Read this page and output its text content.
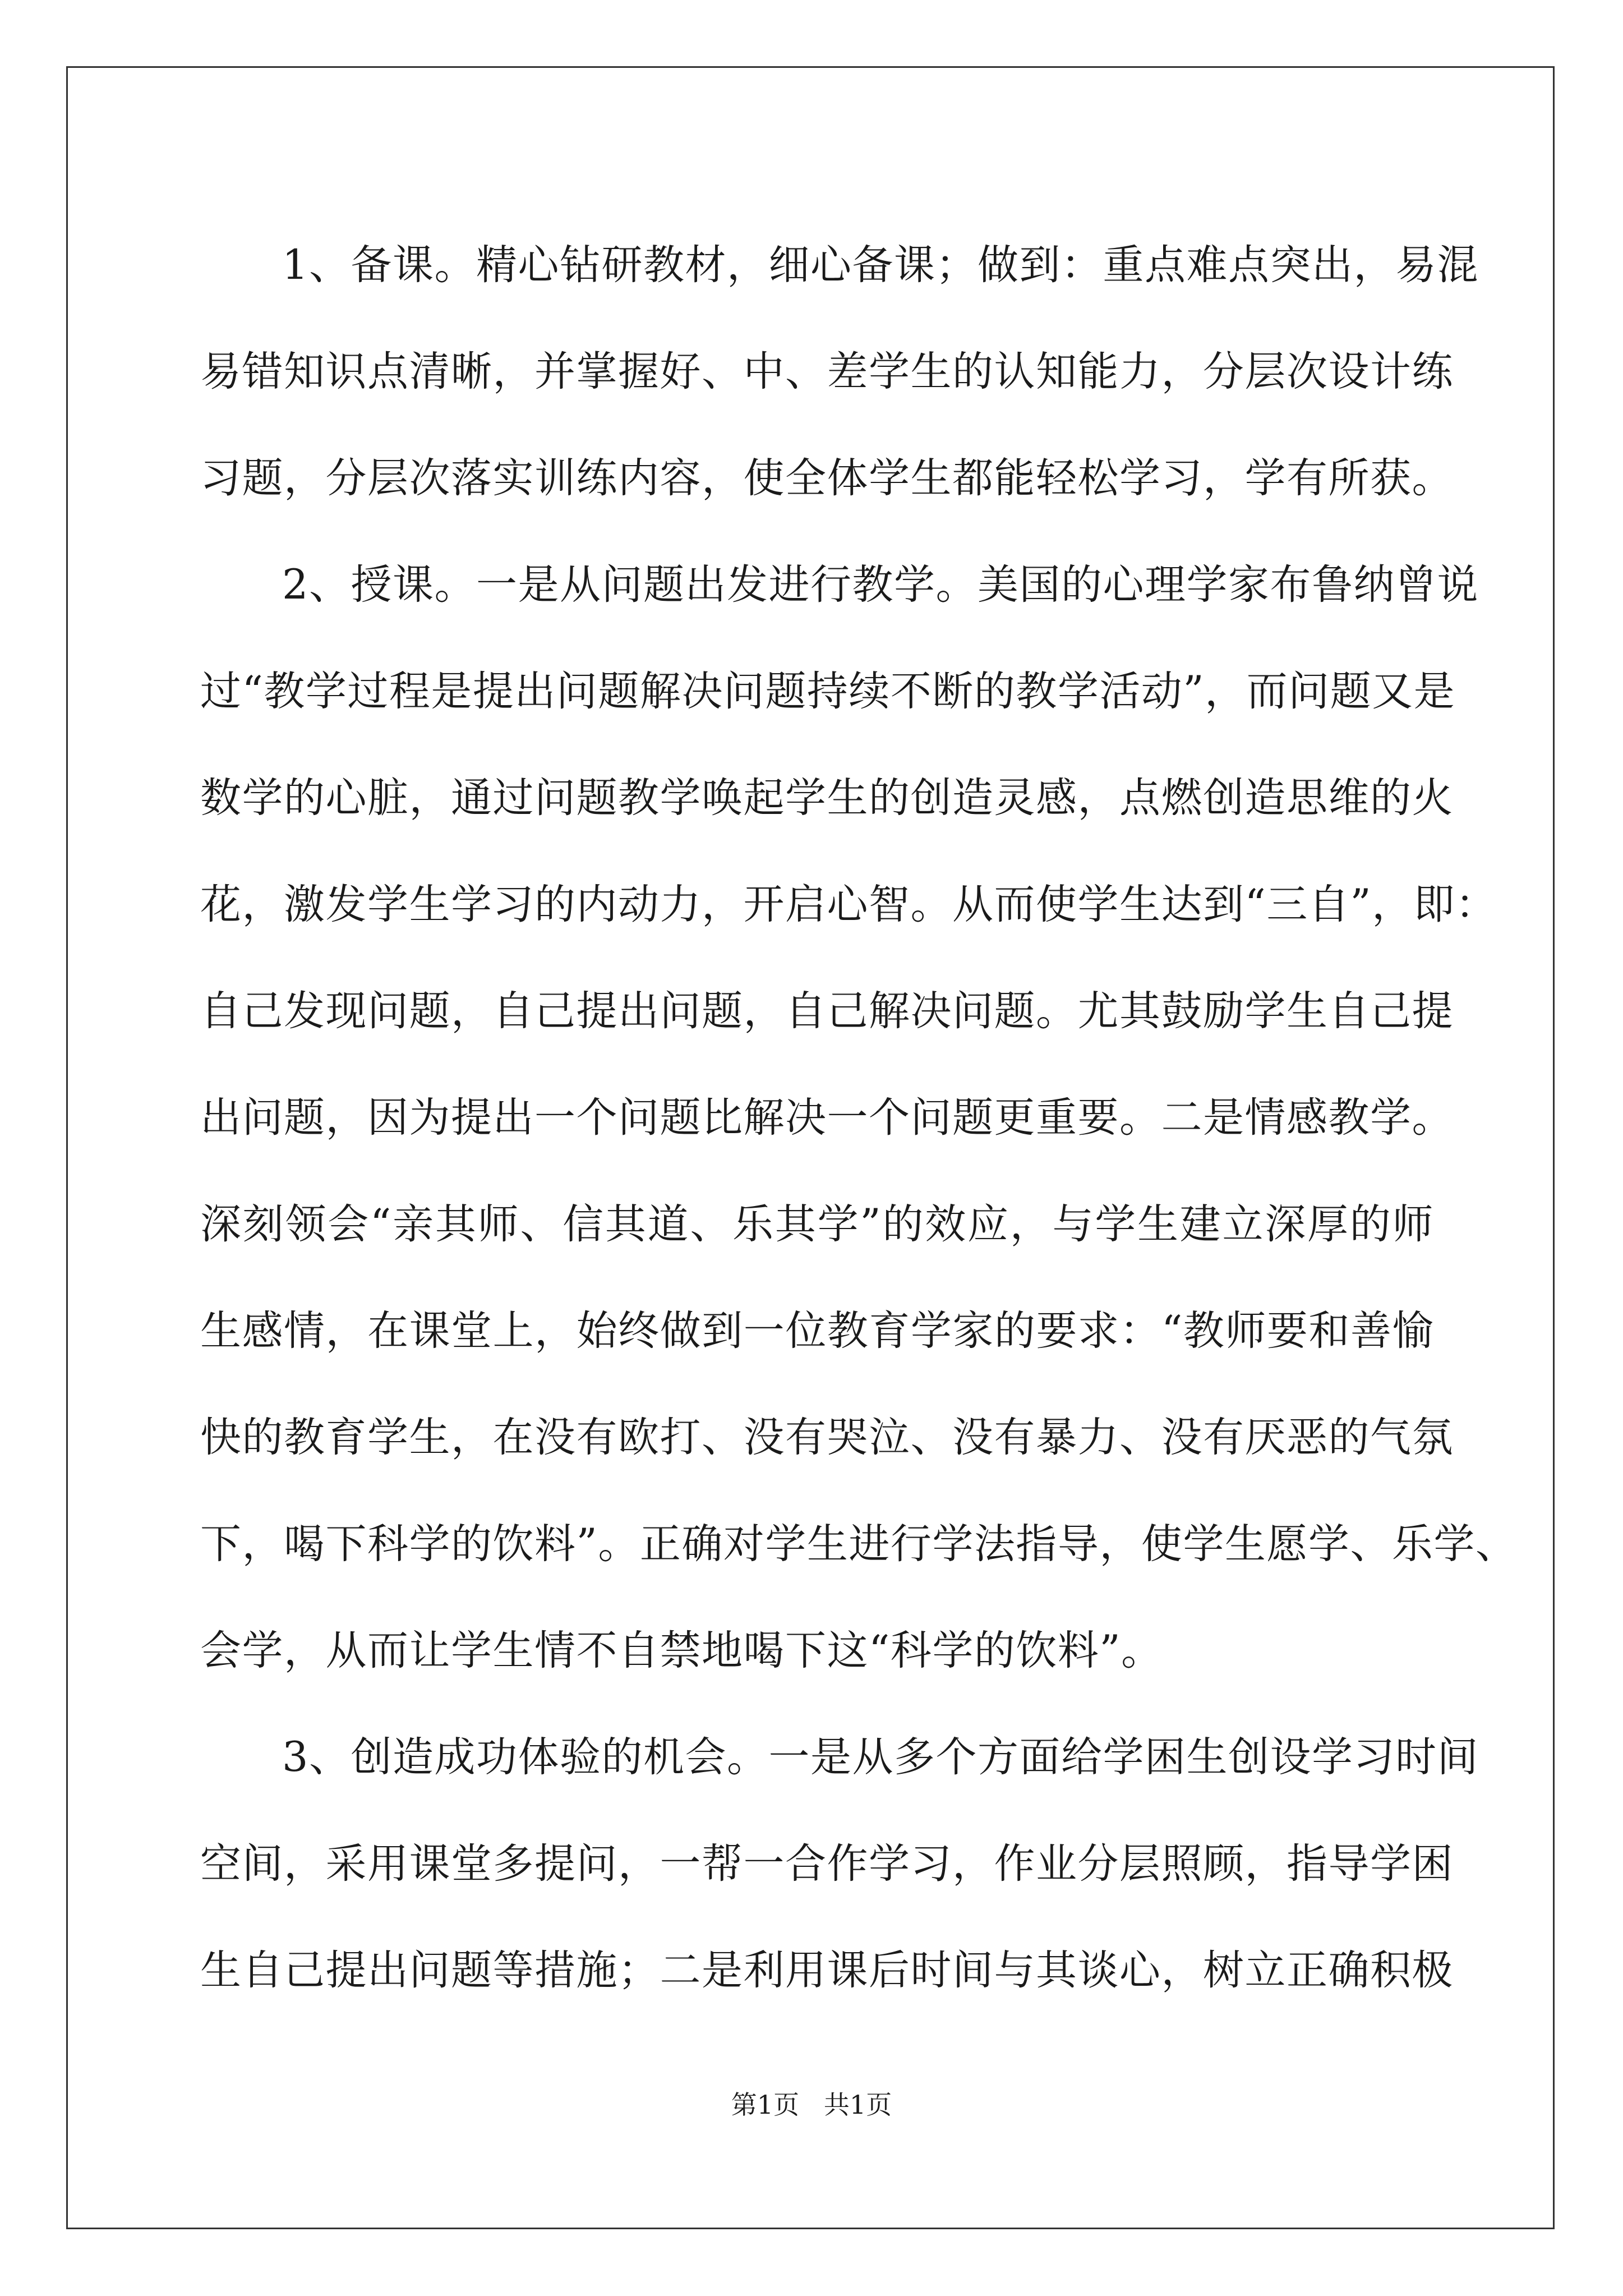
1、备课。精心钻研教材，细心备课；做到：重点难点突出，易混

易错知识点清晰，并掌握好、中、差学生的认知能力，分层次设计练

习题，分层次落实训练内容，使全体学生都能轻松学习，学有所获。

2、授课。一是从问题出发进行教学。美国的心理学家布鲁纳曾说

过“教学过程是提出问题解决问题持续不断的教学活动”，而问题又是

数学的心脏，通过问题教学唤起学生的创造灵感，点燃创造思维的火

花，激发学生学习的内动力，开启心智。从而使学生达到“三自”，即：

自己发现问题，自己提出问题，自己解决问题。尤其鼓励学生自己提

出问题，因为提出一个问题比解决一个问题更重要。二是情感教学。

深刻领会“亲其师、信其道、乐其学”的效应，与学生建立深厚的师

生感情，在课堂上，始终做到一位教育学家的要求：“教师要和善愉

快的教育学生，在没有欧打、没有哭泣、没有暴力、没有厌恶的气氛

下，喝下科学的饮料”。正确对学生进行学法指导，使学生愿学、乐学、

会学，从而让学生情不自禁地喝下这“科学的饮料”。

3、创造成功体验的机会。一是从多个方面给学困生创设学习时间

空间，采用课堂多提问，一帮一合作学习，作业分层照顾，指导学困

生自己提出问题等措施；二是利用课后时间与其谈心，树立正确积极

第1页   共1页
